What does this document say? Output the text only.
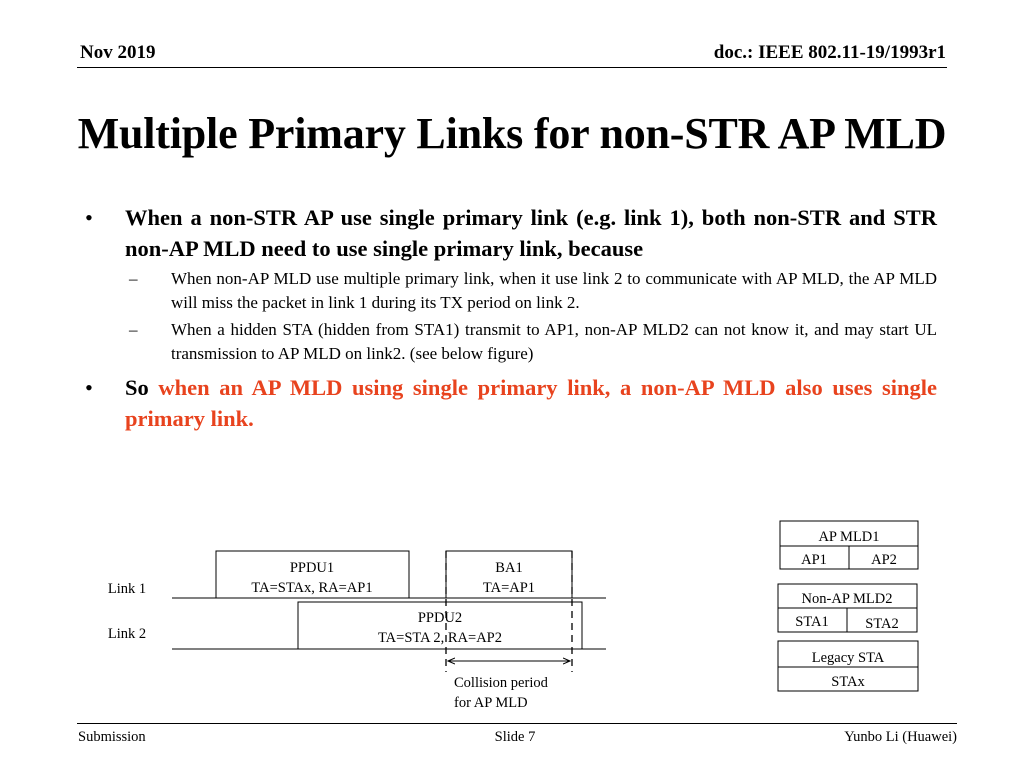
Nov 2019	doc.: IEEE 802.11-19/1993r1
Multiple Primary Links for non-STR AP MLD
• When a non-STR AP use single primary link (e.g. link 1), both non-STR and STR non-AP MLD need to use single primary link, because
– When non-AP MLD use multiple primary link, when it use link 2 to communicate with AP MLD, the AP MLD will miss the packet in link 1 during its TX period on link 2.
– When a hidden STA (hidden from STA1) transmit to AP1, non-AP MLD2 can not know it, and may start UL transmission to AP MLD on link2. (see below figure)
• So when an AP MLD using single primary link, a non-AP MLD also uses single primary link.
Link 1
Link 2
PPDU1
TA=STAx, RA=AP1
BA1
TA=AP1
PPDU2
TA=STA 2, RA=AP2
Collision period
for AP MLD
AP MLD1
AP1	AP2
Non-AP MLD2
STA1	STA2
Legacy STA
STAx
Submission	Slide 7	Yunbo Li (Huawei)
